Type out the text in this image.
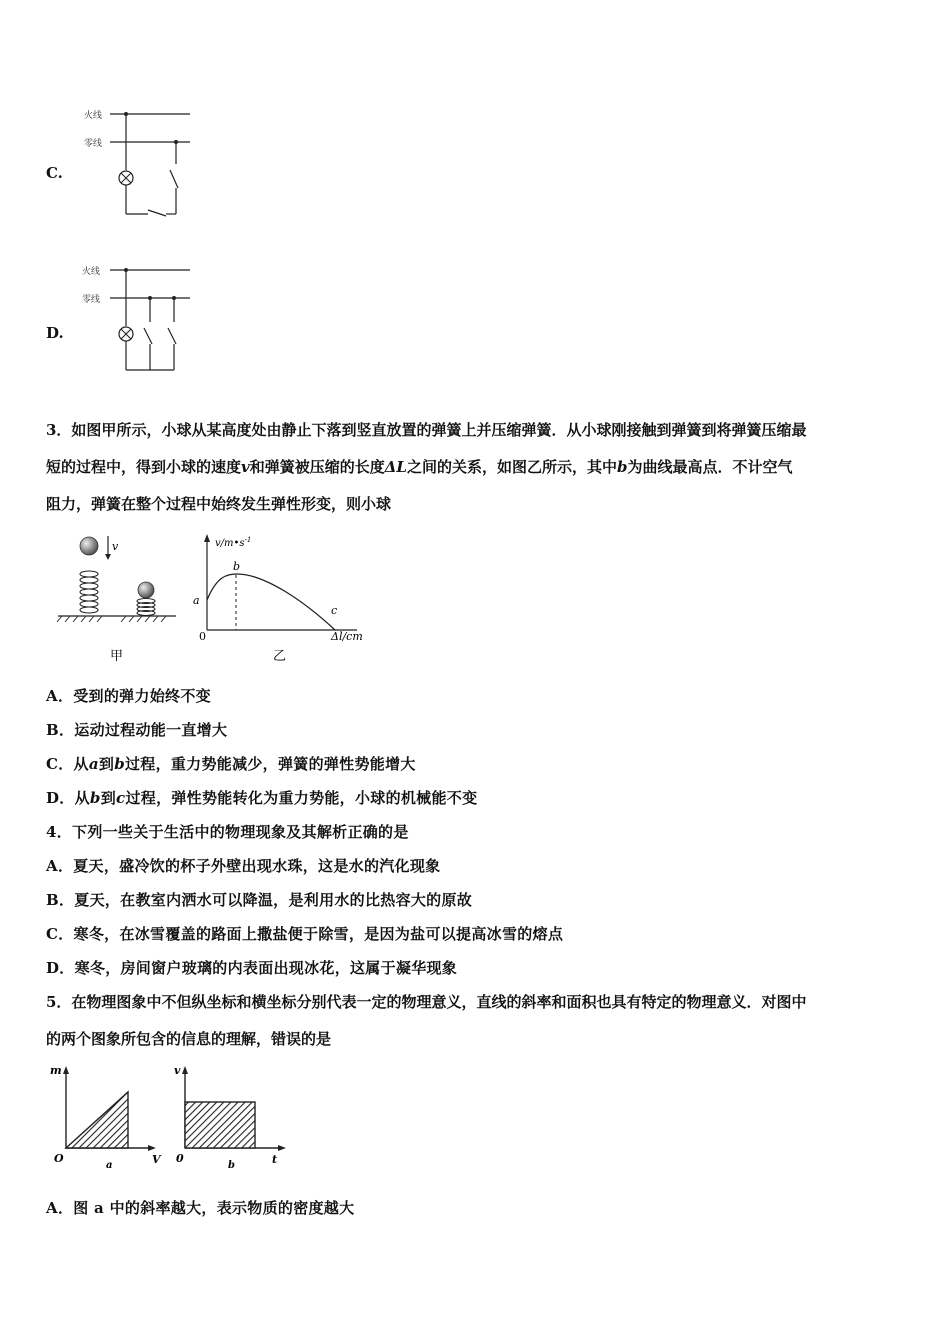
C.
火线
零线
D.
火线
零线
3．如图甲所示，小球从某高度处由静止下落到竖直放置的弹簧上并压缩弹簧．从小球刚接触到弹簧到将弹簧压缩最
短的过程中，得到小球的速度v和弹簧被压缩的长度ΔL之间的关系，如图乙所示，其中b为曲线最高点．不计空气
阻力，弹簧在整个过程中始终发生弹性形变，则小球
v
甲
$v/m•s^{-1}$
Δl/cm
0
a
b
c
乙
A．受到的弹力始终不变
B．运动过程动能一直增大
C．从a到b过程，重力势能减少，弹簧的弹性势能增大
D．从b到c过程，弹性势能转化为重力势能，小球的机械能不变
4．下列一些关于生活中的物理现象及其解析正确的是
A．夏天，盛冷饮的杯子外壁出现水珠，这是水的汽化现象
B．夏天，在教室内洒水可以降温，是利用水的比热容大的原故
C．寒冬，在冰雪覆盖的路面上撒盐便于除雪，是因为盐可以提高冰雪的熔点
D．寒冬，房间窗户玻璃的内表面出现冰花，这属于凝华现象
5．在物理图象中不但纵坐标和横坐标分别代表一定的物理意义，直线的斜率和面积也具有特定的物理意义．对图中
的两个图象所包含的信息的理解，错误的是
m
O	V
a
v
0	t
b
A．图 a 中的斜率越大，表示物质的密度越大
